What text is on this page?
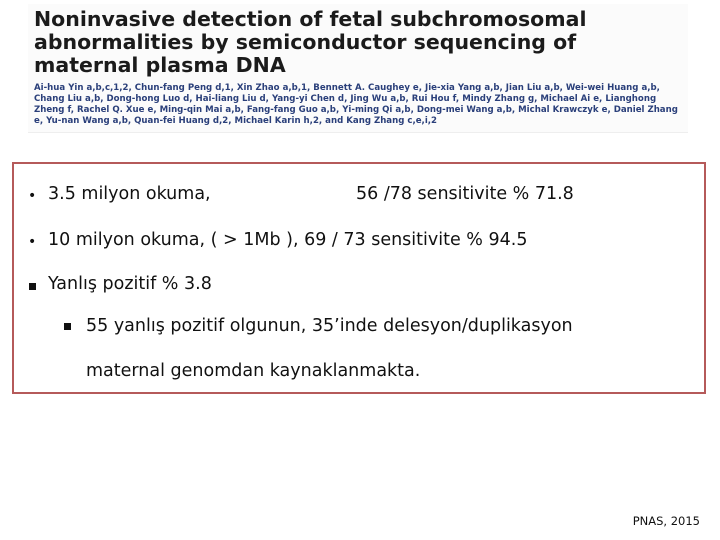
Noninvasive detection of fetal subchromosomal abnormalities by semiconductor sequencing of maternal plasma DNA

Ai-hua Yin a,b,c,1,2, Chun-fang Peng d,1, Xin Zhao a,b,1, Bennett A. Caughey e, Jie-xia Yang a,b, Jian Liu a,b, Wei-wei Huang a,b, Chang Liu a,b, Dong-hong Luo d, Hai-liang Liu d, Yang-yi Chen d, Jing Wu a,b, Rui Hou f, Mindy Zhang g, Michael Ai e, Lianghong Zheng f, Rachel Q. Xue e, Ming-qin Mai a,b, Fang-fang Guo a,b, Yi-ming Qi a,b, Dong-mei Wang a,b, Michal Krawczyk e, Daniel Zhang e, Yu-nan Wang a,b, Quan-fei Huang d,2, Michael Karin h,2, and Kang Zhang c,e,i,2

• 3.5 milyon okuma,	56 /78 sensitivite % 71.8
• 10 milyon okuma, ( > 1Mb ), 69 / 73 sensitivite % 94.5
Yanlış pozitif % 3.8
55 yanlış pozitif olgunun, 35’inde delesyon/duplikasyon
maternal genomdan kaynaklanmakta.
PNAS, 2015
